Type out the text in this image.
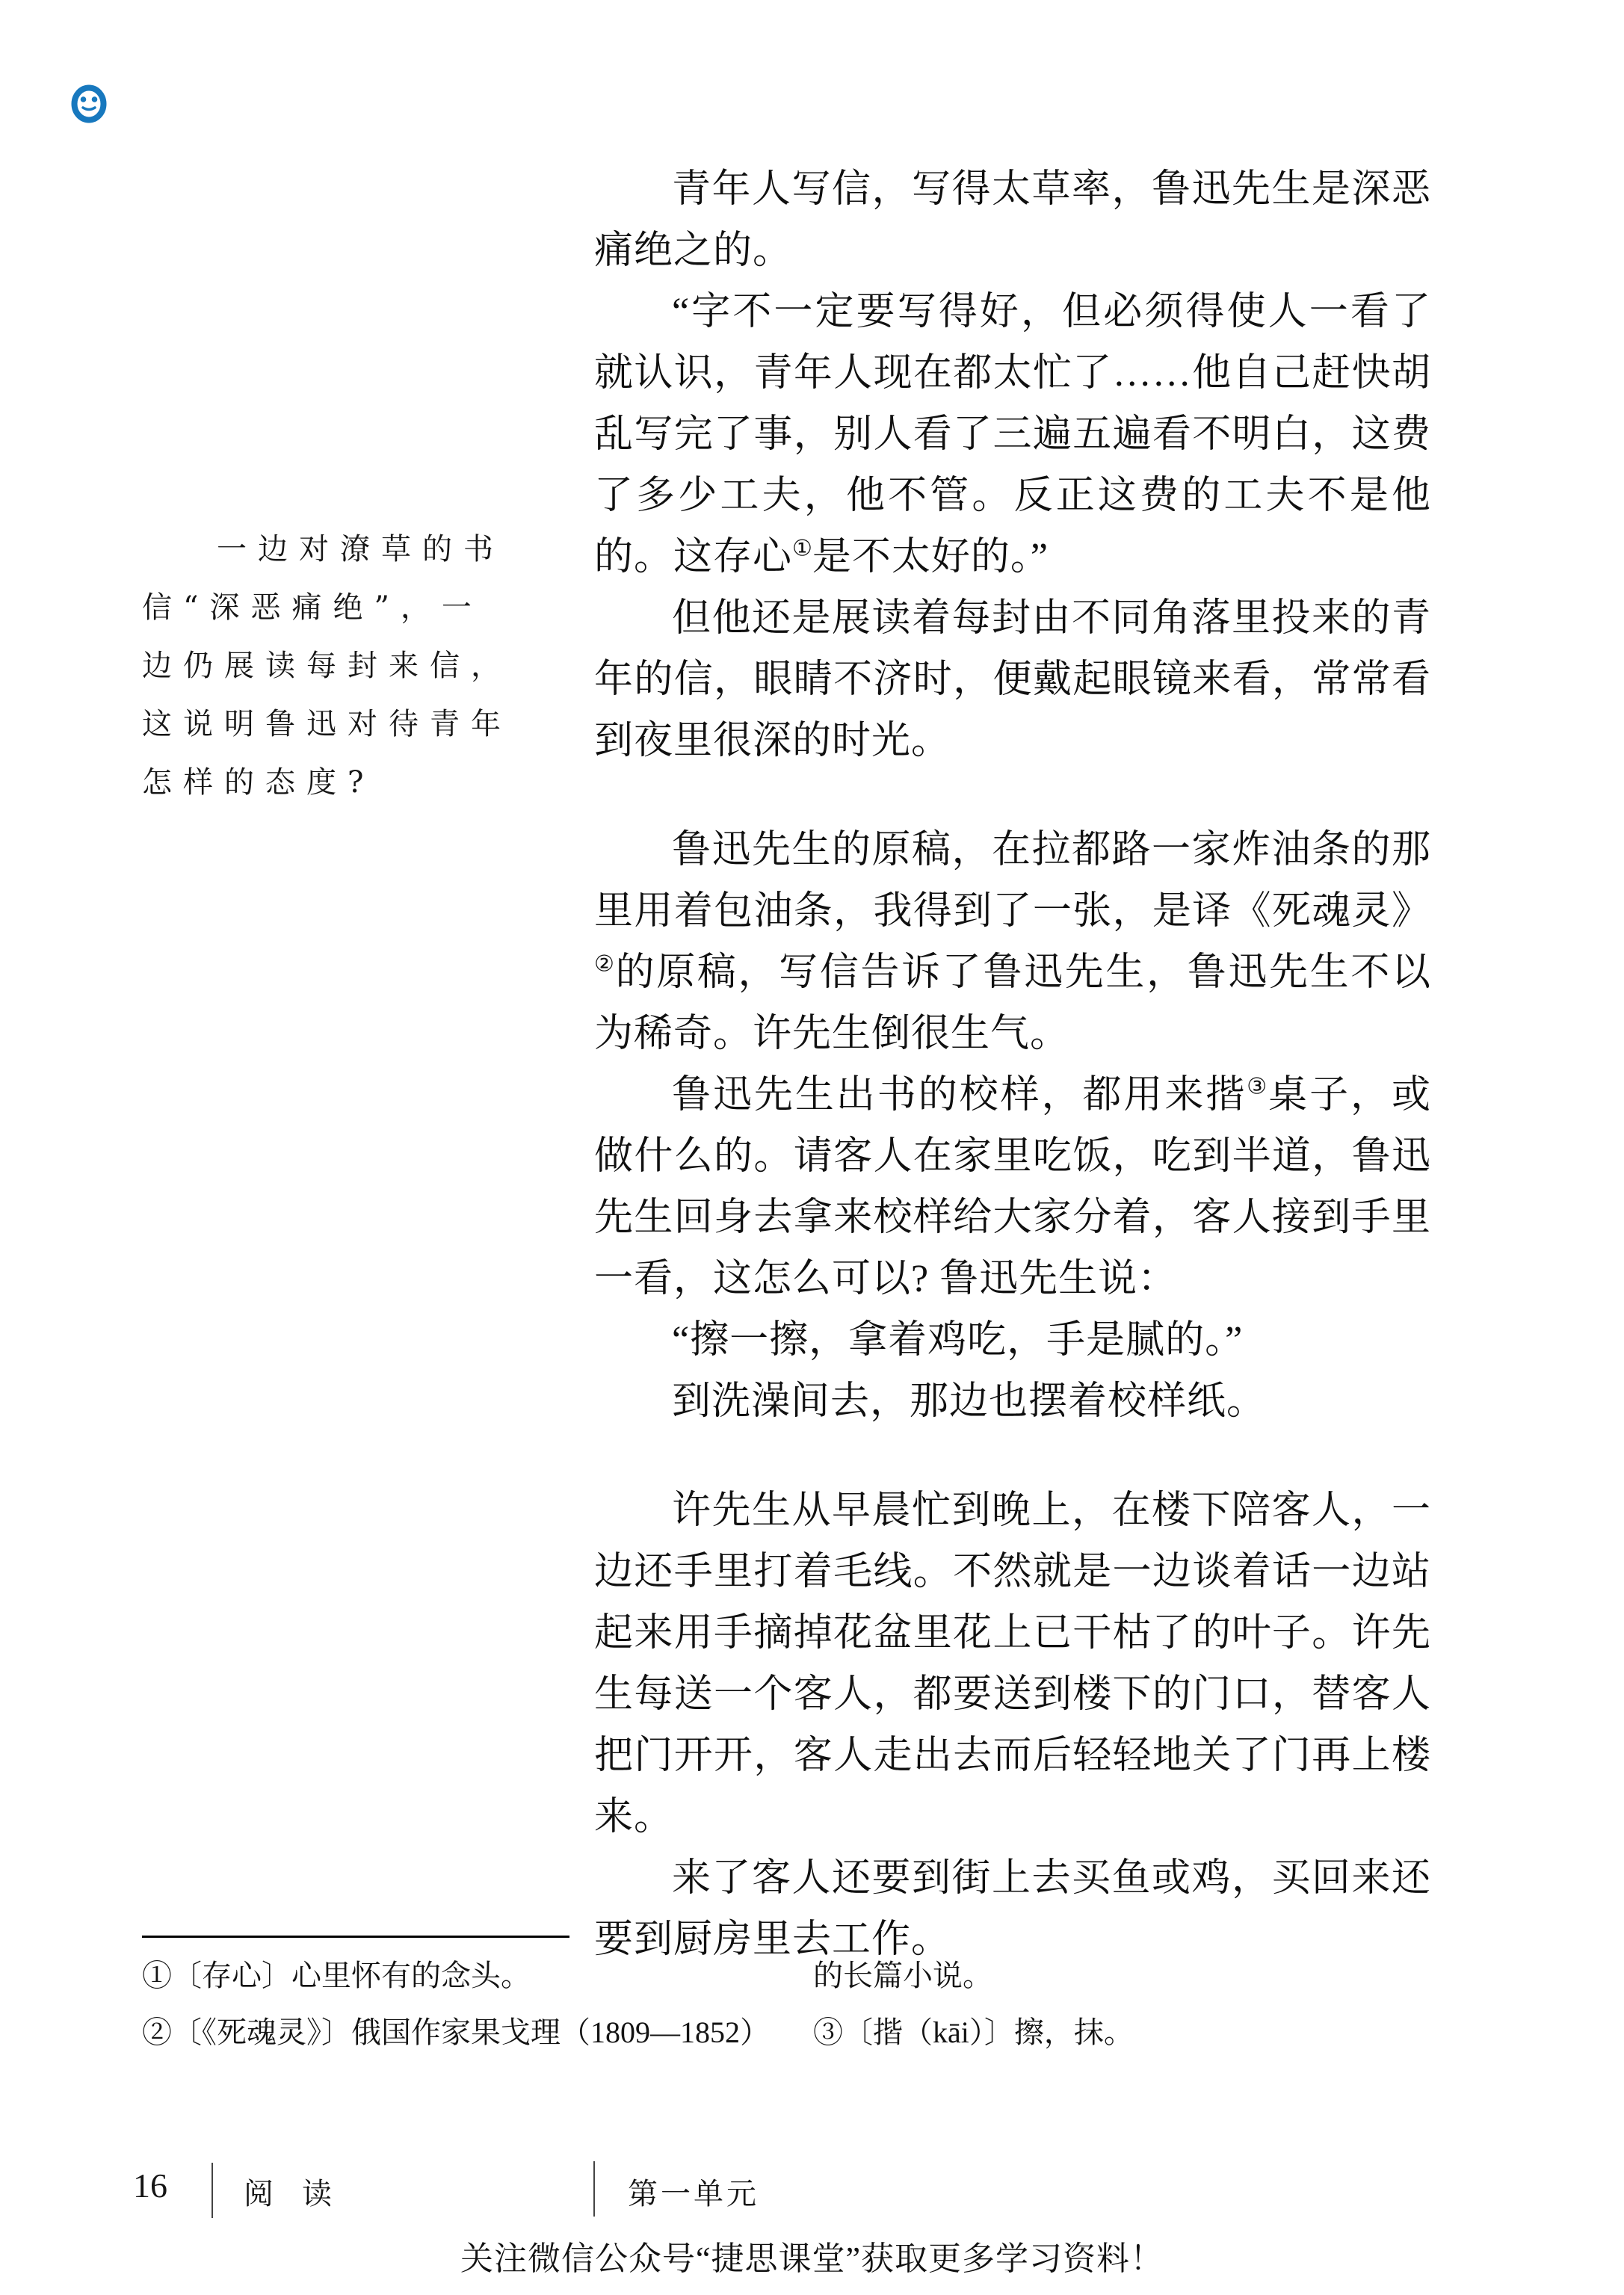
一边对潦草的书
信“深恶痛绝”，一
边仍展读每封来信，
这说明鲁迅对待青年
怎样的态度?

青年人写信，写得太草率，鲁迅先生是深恶痛绝之的。

“字不一定要写得好，但必须得使人一看了就认识，青年人现在都太忙了……他自己赶快胡乱写完了事，别人看了三遍五遍看不明白，这费了多少工夫，他不管。反正这费的工夫不是他的。这存心①是不太好的。”

但他还是展读着每封由不同角落里投来的青年的信，眼睛不济时，便戴起眼镜来看，常常看到夜里很深的时光。

鲁迅先生的原稿，在拉都路一家炸油条的那里用着包油条，我得到了一张，是译《死魂灵》②的原稿，写信告诉了鲁迅先生，鲁迅先生不以为稀奇。许先生倒很生气。

鲁迅先生出书的校样，都用来揩③桌子，或做什么的。请客人在家里吃饭，吃到半道，鲁迅先生回身去拿来校样给大家分着，客人接到手里一看，这怎么可以? 鲁迅先生说：

“擦一擦，拿着鸡吃，手是腻的。”

到洗澡间去，那边也摆着校样纸。

许先生从早晨忙到晚上，在楼下陪客人，一边还手里打着毛线。不然就是一边谈着话一边站起来用手摘掉花盆里花上已干枯了的叶子。许先生每送一个客人，都要送到楼下的门口，替客人把门开开，客人走出去而后轻轻地关了门再上楼来。

来了客人还要到街上去买鱼或鸡，买回来还要到厨房里去工作。

①〔存心〕心里怀有的念头。
②〔《死魂灵》〕俄国作家果戈理（1809—1852）
的长篇小说。
③〔揩（kāi）〕擦，抹。
16	阅 读	第一单元
关注微信公众号“捷思课堂”获取更多学习资料！
